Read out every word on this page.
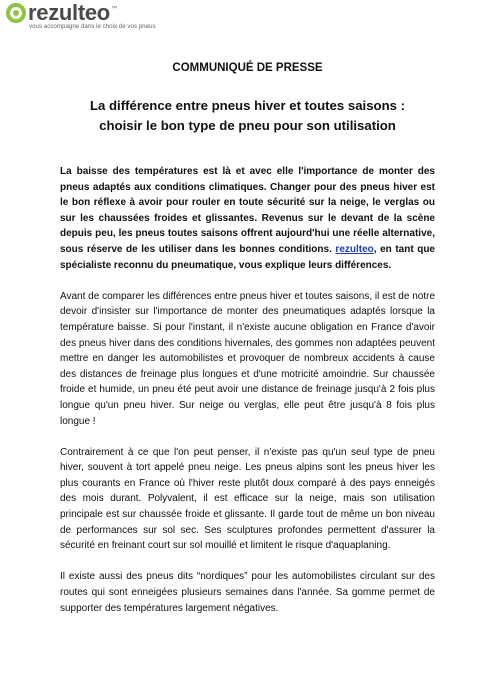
rezulteo ™
vous accompagne dans le choix de vos pneus
COMMUNIQUÉ DE PRESSE
La différence entre pneus hiver et toutes saisons :
choisir le bon type de pneu pour son utilisation

La baisse des températures est là et avec elle l'importance de monter des pneus adaptés aux conditions climatiques. Changer pour des pneus hiver est le bon réflexe à avoir pour rouler en toute sécurité sur la neige, le verglas ou sur les chaussées froides et glissantes. Revenus sur le devant de la scène depuis peu, les pneus toutes saisons offrent aujourd'hui une réelle alternative, sous réserve de les utiliser dans les bonnes conditions. rezulteo, en tant que spécialiste reconnu du pneumatique, vous explique leurs différences.

Avant de comparer les différences entre pneus hiver et toutes saisons, il est de notre devoir d'insister sur l'importance de monter des pneumatiques adaptés lorsque la température baisse. Si pour l'instant, il n'existe aucune obligation en France d'avoir des pneus hiver dans des conditions hivernales, des gommes non adaptées peuvent mettre en danger les automobilistes et provoquer de nombreux accidents à cause des distances de freinage plus longues et d'une motricité amoindrie. Sur chaussée froide et humide, un pneu été peut avoir une distance de freinage jusqu'à 2 fois plus longue qu'un pneu hiver. Sur neige ou verglas, elle peut être jusqu'à 8 fois plus longue !

Contrairement à ce que l'on peut penser, il n'existe pas qu'un seul type de pneu hiver, souvent à tort appelé pneu neige. Les pneus alpins sont les pneus hiver les plus courants en France où l'hiver reste plutôt doux comparé à des pays enneigés des mois durant. Polyvalent, il est efficace sur la neige, mais son utilisation principale est sur chaussée froide et glissante. Il garde tout de même un bon niveau de performances sur sol sec. Ses sculptures profondes permettent d'assurer la sécurité en freinant court sur sol mouillé et limitent le risque d'aquaplaning.

Il existe aussi des pneus dits “nordiques” pour les automobilistes circulant sur des routes qui sont enneigées plusieurs semaines dans l'année. Sa gomme permet de supporter des températures largement négatives.
